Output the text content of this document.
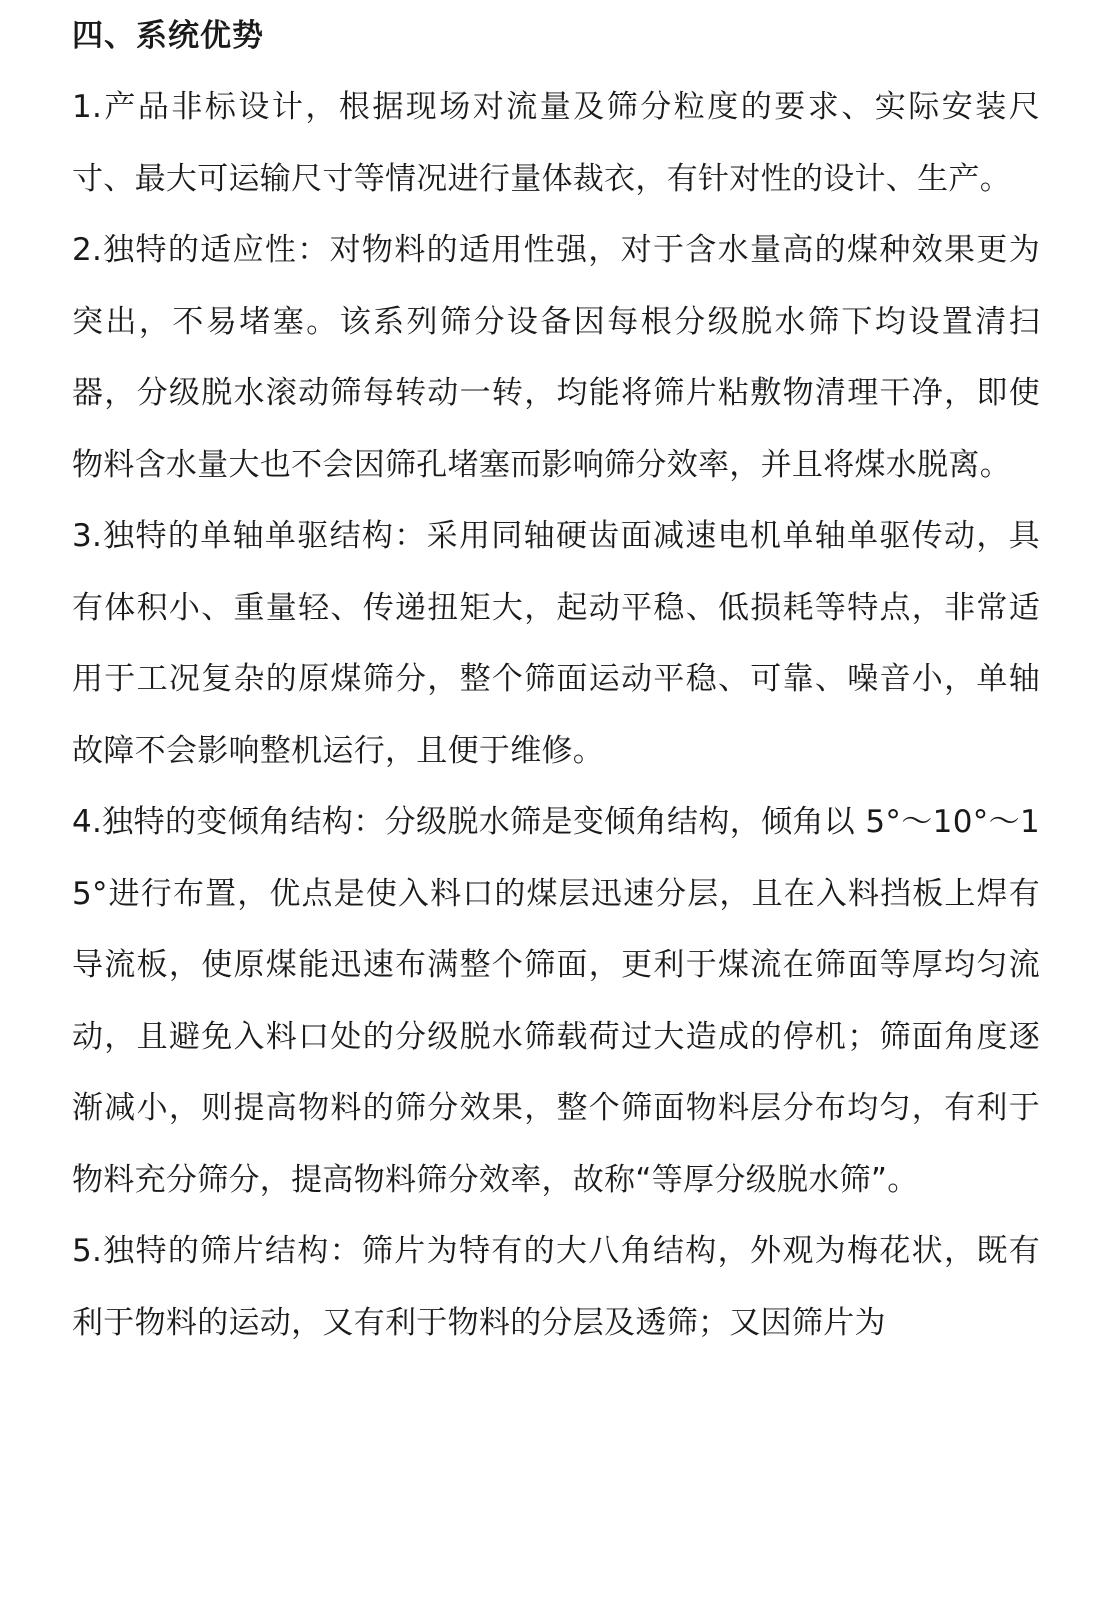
四、系统优势

1.产品非标设计，根据现场对流量及筛分粒度的要求、实际安装尺寸、最大可运输尺寸等情况进行量体裁衣，有针对性的设计、生产。

2.独特的适应性：对物料的适用性强，对于含水量高的煤种效果更为突出，不易堵塞。该系列筛分设备因每根分级脱水筛下均设置清扫器，分级脱水滚动筛每转动一转，均能将筛片粘敷物清理干净，即使物料含水量大也不会因筛孔堵塞而影响筛分效率，并且将煤水脱离。

3.独特的单轴单驱结构：采用同轴硬齿面减速电机单轴单驱传动，具有体积小、重量轻、传递扭矩大，起动平稳、低损耗等特点，非常适用于工况复杂的原煤筛分，整个筛面运动平稳、可靠、噪音小，单轴故障不会影响整机运行，且便于维修。

4.独特的变倾角结构：分级脱水筛是变倾角结构，倾角以 5°～10°～15°进行布置，优点是使入料口的煤层迅速分层，且在入料挡板上焊有导流板，使原煤能迅速布满整个筛面，更利于煤流在筛面等厚均匀流动，且避免入料口处的分级脱水筛载荷过大造成的停机；筛面角度逐渐减小，则提高物料的筛分效果，整个筛面物料层分布均匀，有利于物料充分筛分，提高物料筛分效率，故称“等厚分级脱水筛”。

5.独特的筛片结构：筛片为特有的大八角结构，外观为梅花状，既有利于物料的运动，又有利于物料的分层及透筛；又因筛片为
